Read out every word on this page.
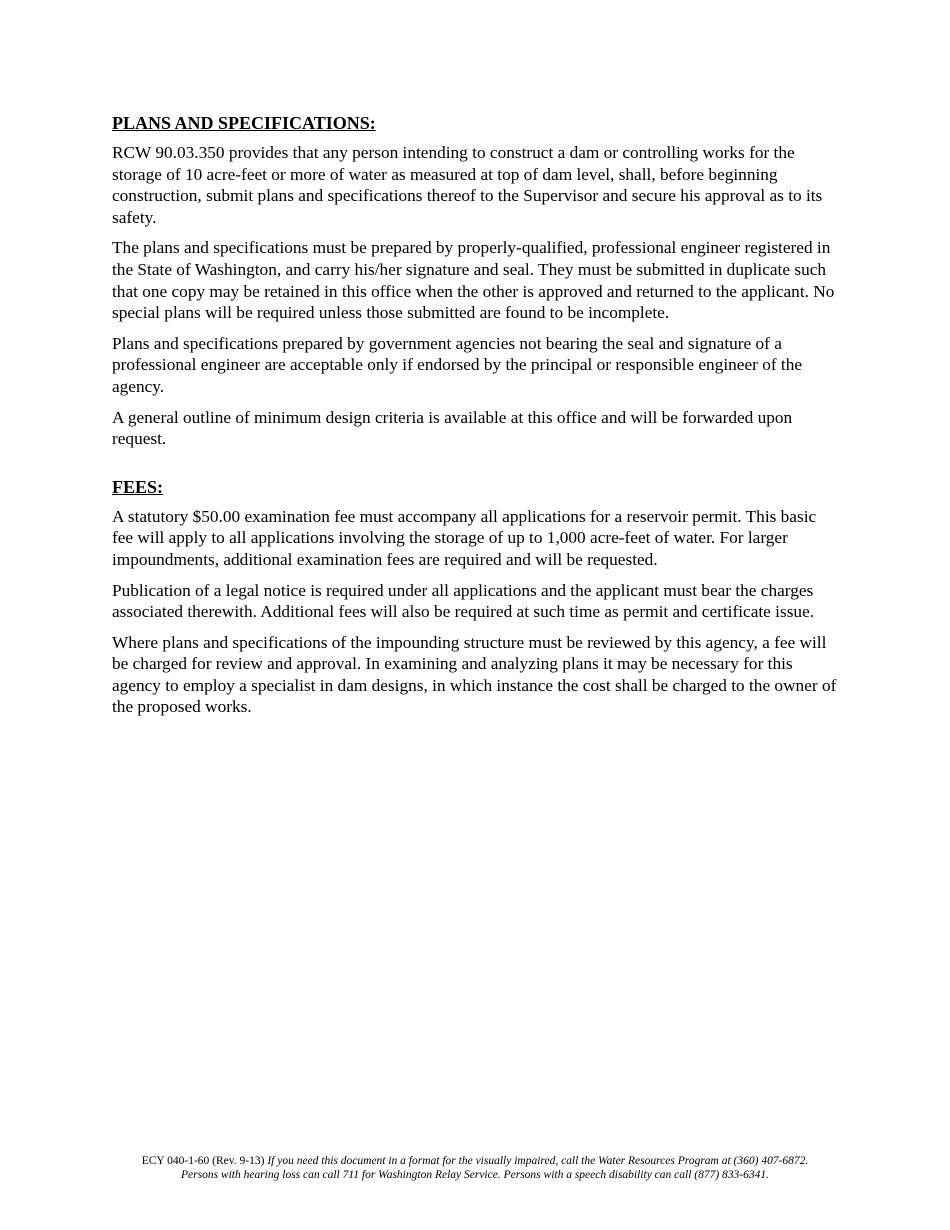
PLANS AND SPECIFICATIONS:

RCW 90.03.350 provides that any person intending to construct a dam or controlling works for the storage of 10 acre-feet or more of water as measured at top of dam level, shall, before beginning construction, submit plans and specifications thereof to the Supervisor and secure his approval as to its safety.

The plans and specifications must be prepared by properly-qualified, professional engineer registered in the State of Washington, and carry his/her signature and seal. They must be submitted in duplicate such that one copy may be retained in this office when the other is approved and returned to the applicant. No special plans will be required unless those submitted are found to be incomplete.

Plans and specifications prepared by government agencies not bearing the seal and signature of a professional engineer are acceptable only if endorsed by the principal or responsible engineer of the agency.

A general outline of minimum design criteria is available at this office and will be forwarded upon request.

FEES:

A statutory $50.00 examination fee must accompany all applications for a reservoir permit. This basic fee will apply to all applications involving the storage of up to 1,000 acre-feet of water. For larger impoundments, additional examination fees are required and will be requested.

Publication of a legal notice is required under all applications and the applicant must bear the charges associated therewith. Additional fees will also be required at such time as permit and certificate issue.

Where plans and specifications of the impounding structure must be reviewed by this agency, a fee will be charged for review and approval. In examining and analyzing plans it may be necessary for this agency to employ a specialist in dam designs, in which instance the cost shall be charged to the owner of the proposed works.

ECY 040-1-60 (Rev. 9-13) If you need this document in a format for the visually impaired, call the Water Resources Program at (360) 407-6872.
Persons with hearing loss can call 711 for Washington Relay Service. Persons with a speech disability can call (877) 833-6341.
